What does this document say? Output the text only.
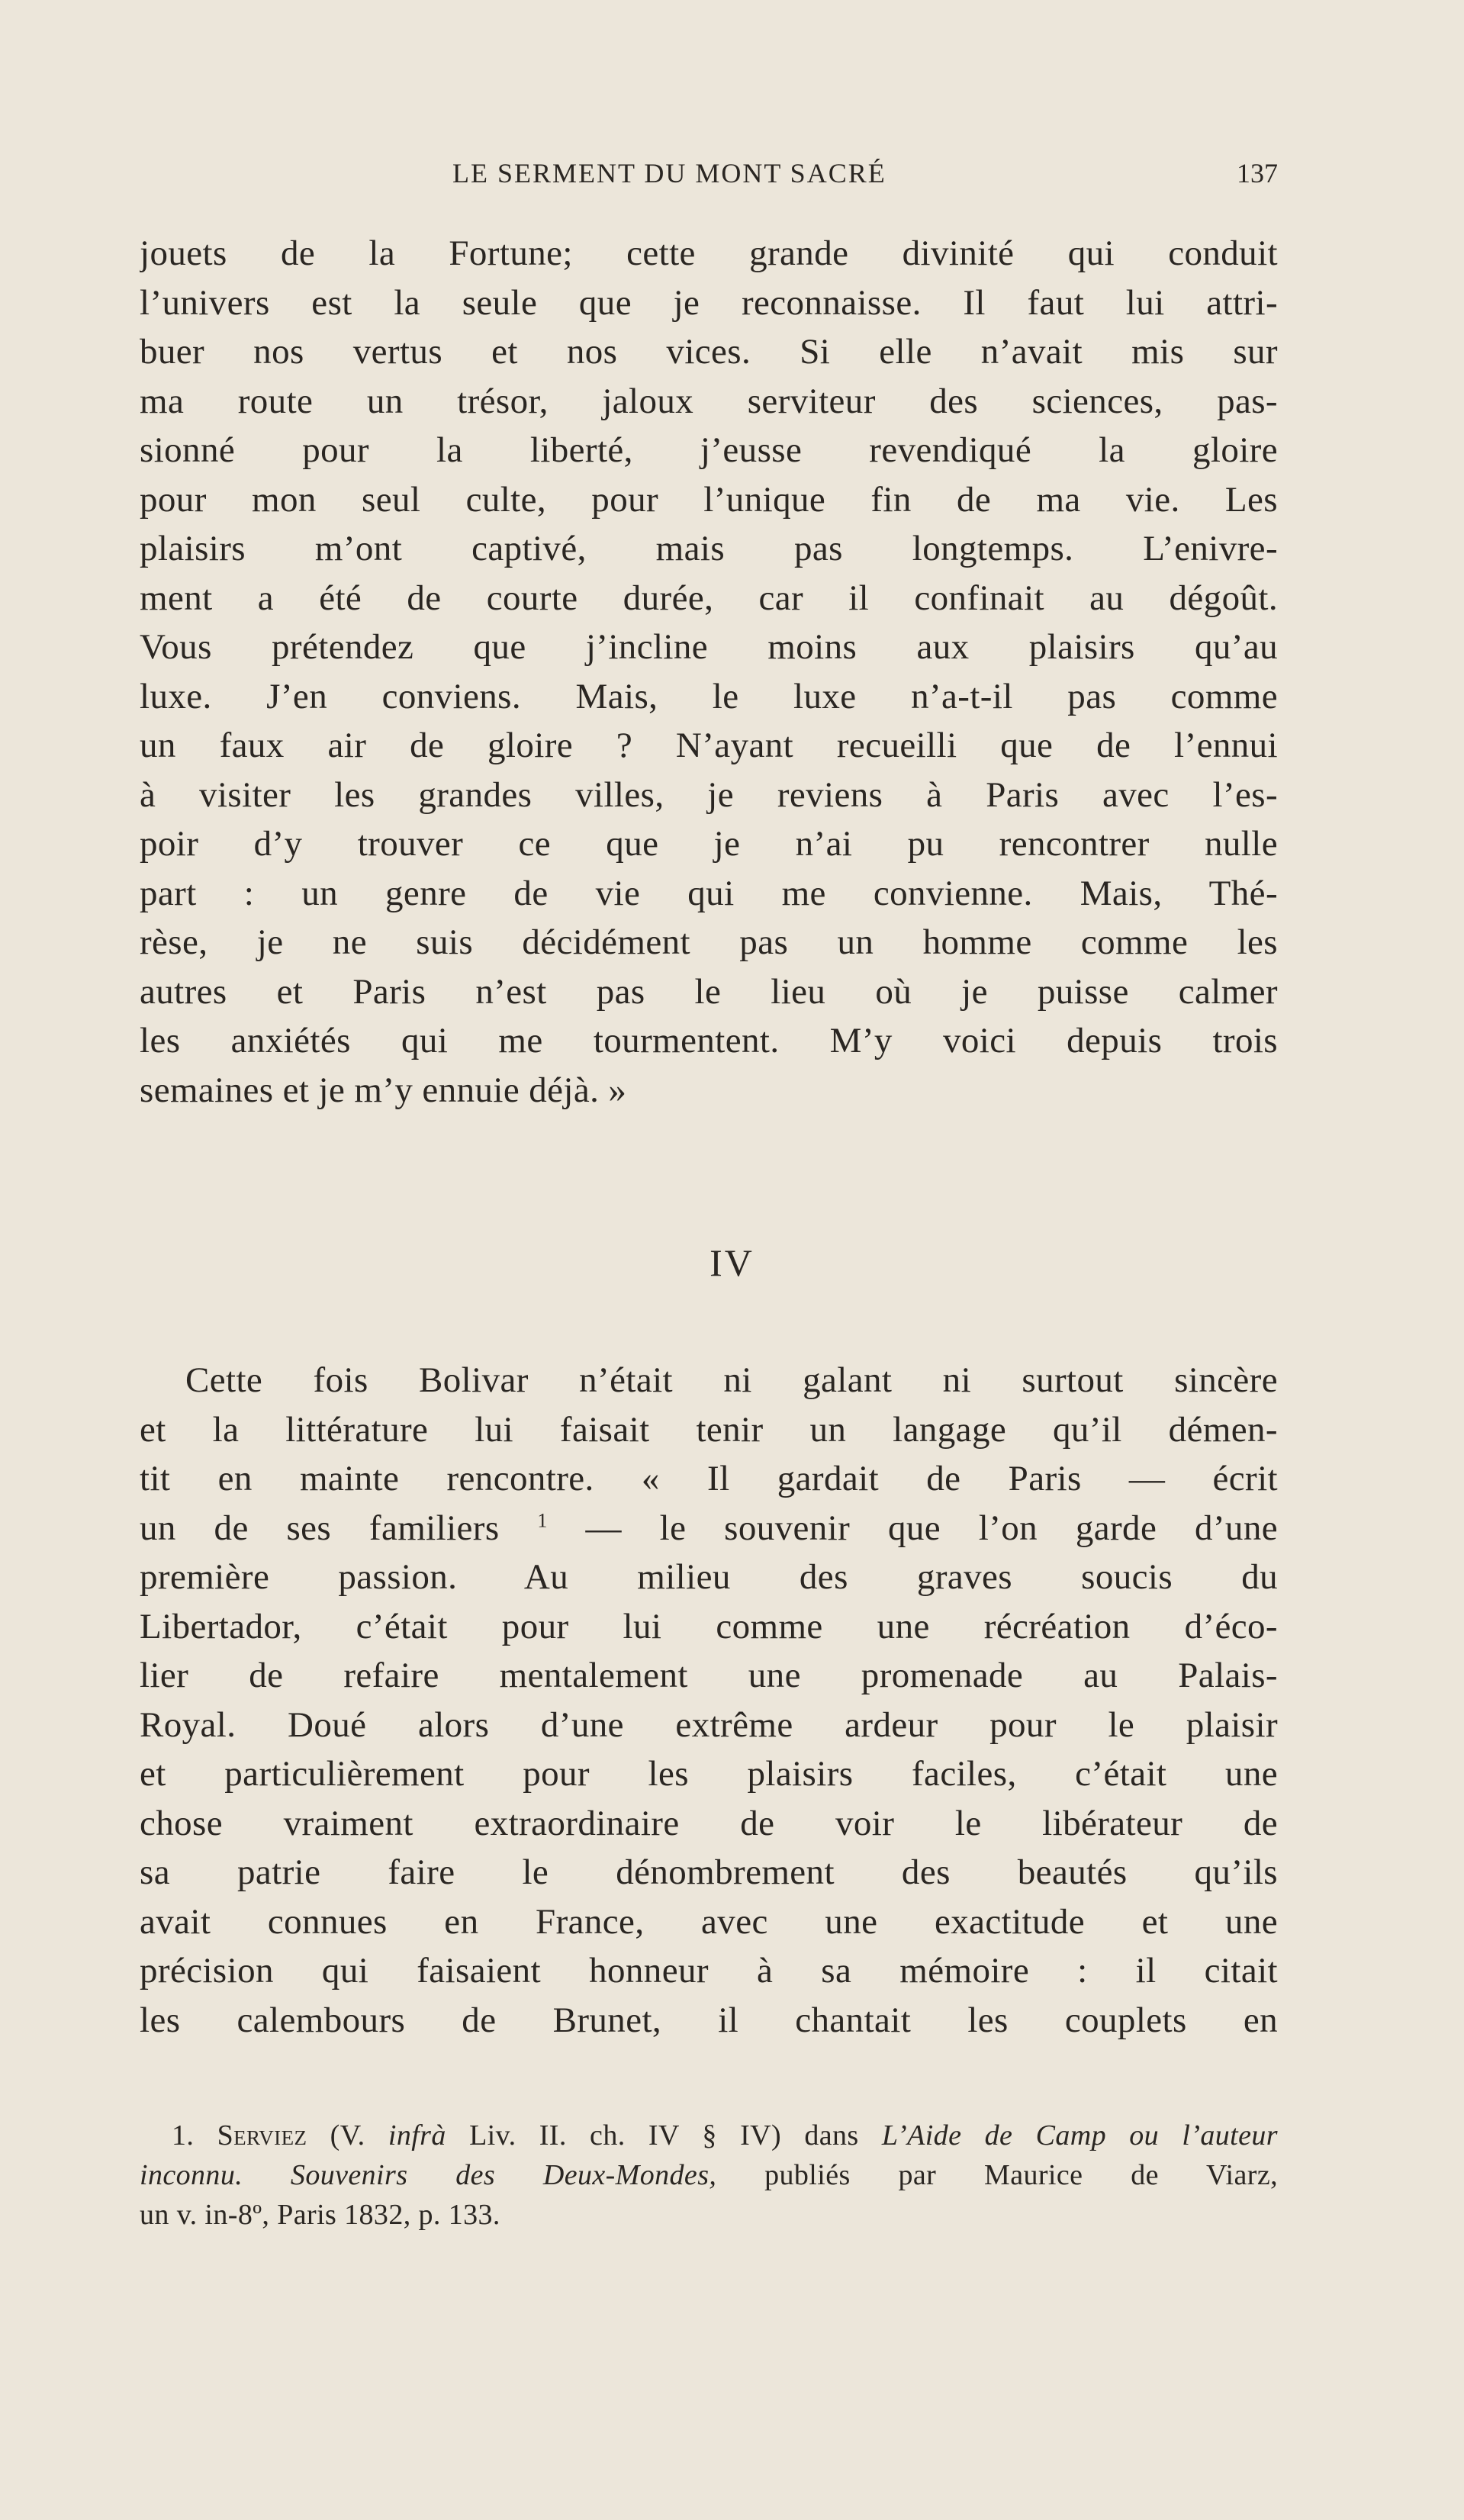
LE SERMENT DU MONT SACRÉ	137

jouets de la Fortune; cette grande divinité qui conduit
l’univers est la seule que je reconnaisse. Il faut lui attri-
buer nos vertus et nos vices. Si elle n’avait mis sur
ma route un trésor, jaloux serviteur des sciences, pas-
sionné pour la liberté, j’eusse revendiqué la gloire
pour mon seul culte, pour l’unique fin de ma vie. Les
plaisirs m’ont captivé, mais pas longtemps. L’enivre-
ment a été de courte durée, car il confinait au dégoût.
Vous prétendez que j’incline moins aux plaisirs qu’au
luxe. J’en conviens. Mais, le luxe n’a-t-il pas comme
un faux air de gloire ? N’ayant recueilli que de l’ennui
à visiter les grandes villes, je reviens à Paris avec l’es-
poir d’y trouver ce que je n’ai pu rencontrer nulle
part : un genre de vie qui me convienne. Mais, Thé-
rèse, je ne suis décidément pas un homme comme les
autres et Paris n’est pas le lieu où je puisse calmer
les anxiétés qui me tourmentent. M’y voici depuis trois
semaines et je m’y ennuie déjà. »

IV

Cette fois Bolivar n’était ni galant ni surtout sincère
et la littérature lui faisait tenir un langage qu’il démen-
tit en mainte rencontre. « Il gardait de Paris — écrit
un de ses familiers $^1$ — le souvenir que l’on garde d’une
première passion. Au milieu des graves soucis du
Libertador, c’était pour lui comme une récréation d’éco-
lier de refaire mentalement une promenade au Palais-
Royal. Doué alors d’une extrême ardeur pour le plaisir
et particulièrement pour les plaisirs faciles, c’était une
chose vraiment extraordinaire de voir le libérateur de
sa patrie faire le dénombrement des beautés qu’ils
avait connues en France, avec une exactitude et une
précision qui faisaient honneur à sa mémoire : il citait
les calembours de Brunet, il chantait les couplets en

1. Serviez (V. infrà Liv. II. ch. IV § IV) dans L’Aide de Camp ou l’auteur
inconnu. Souvenirs des Deux-Mondes, publiés par Maurice de Viarz,
un v. in-8º, Paris 1832, p. 133.
